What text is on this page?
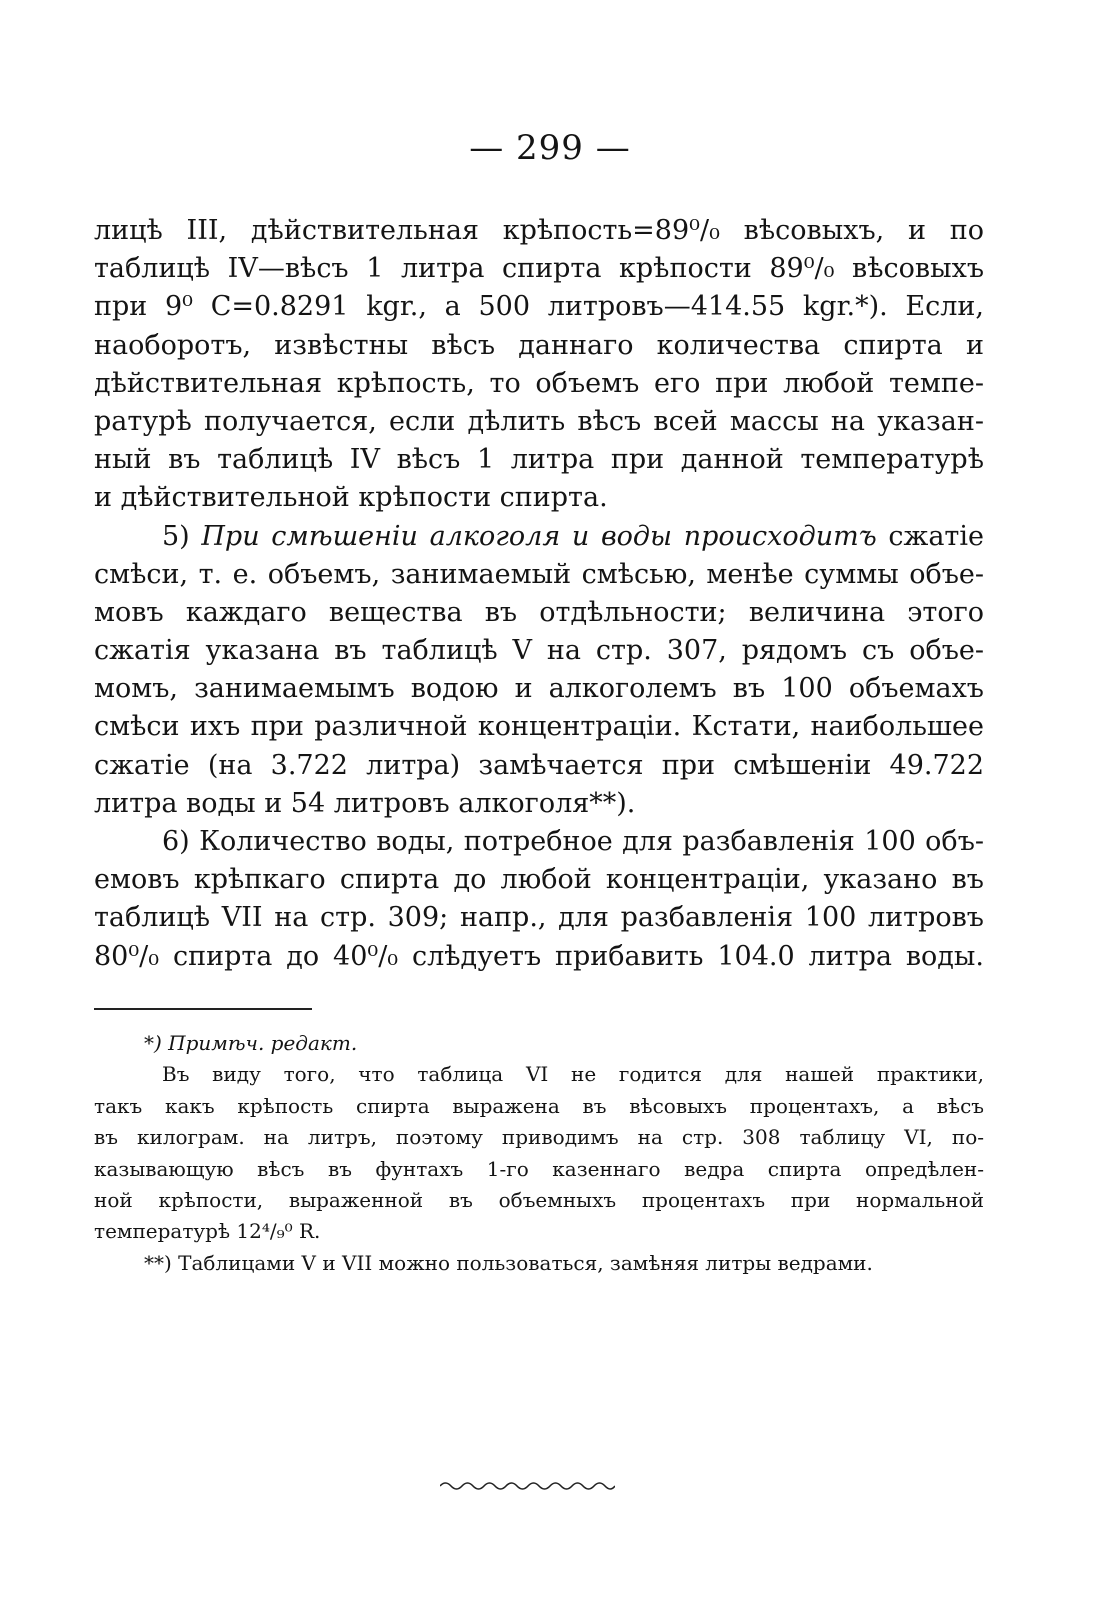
— 299 —
лицѣ III, дѣйствительная крѣпость=89⁰/₀ вѣсовыхъ, и по
таблицѣ IV—вѣсъ 1 литра спирта крѣпости 89⁰/₀ вѣсовыхъ
при 9⁰ C=0.8291 kgr., а 500 литровъ—414.55 kgr.*). Если,
наоборотъ, извѣстны вѣсъ даннаго количества спирта и
дѣйствительная крѣпость, то объемъ его при любой темпе-
ратурѣ получается, если дѣлить вѣсъ всей массы на указан-
ный въ таблицѣ IV вѣсъ 1 литра при данной температурѣ
и дѣйствительной крѣпости спирта.
5) При смѣшенiи алкоголя и воды происходитъ сжатiе
смѣси, т. е. объемъ, занимаемый смѣсью, менѣе суммы объе-
мовъ каждаго вещества въ отдѣльности; величина этого
сжатiя указана въ таблицѣ V на стр. 307, рядомъ съ объе-
момъ, занимаемымъ водою и алкоголемъ въ 100 объемахъ
смѣси ихъ при различной концентрацiи. Кстати, наибольшее
сжатiе (на 3.722 литра) замѣчается при смѣшенiи 49.722
литра воды и 54 литровъ алкоголя**).
6) Количество воды, потребное для разбавленiя 100 объ-
емовъ крѣпкаго спирта до любой концентрацiи, указано въ
таблицѣ VII на стр. 309; напр., для разбавленiя 100 литровъ
80⁰/₀ спирта до 40⁰/₀ слѣдуетъ прибавить 104.0 литра воды.
*) Примѣч. редакт.
Въ виду того, что таблица VI не годится для нашей практики,
такъ какъ крѣпость спирта выражена въ вѣсовыхъ процентахъ, а вѣсъ
въ килограм. на литръ, поэтому приводимъ на стр. 308 таблицу VI, по-
казывающую вѣсъ въ фунтахъ 1-го казеннаго ведра спирта опредѣлен-
ной крѣпости, выраженной въ объемныхъ процентахъ при нормальной
температурѣ 12⁴/₉⁰ R.
**) Таблицами V и VII можно пользоваться, замѣняя литры ведрами.
